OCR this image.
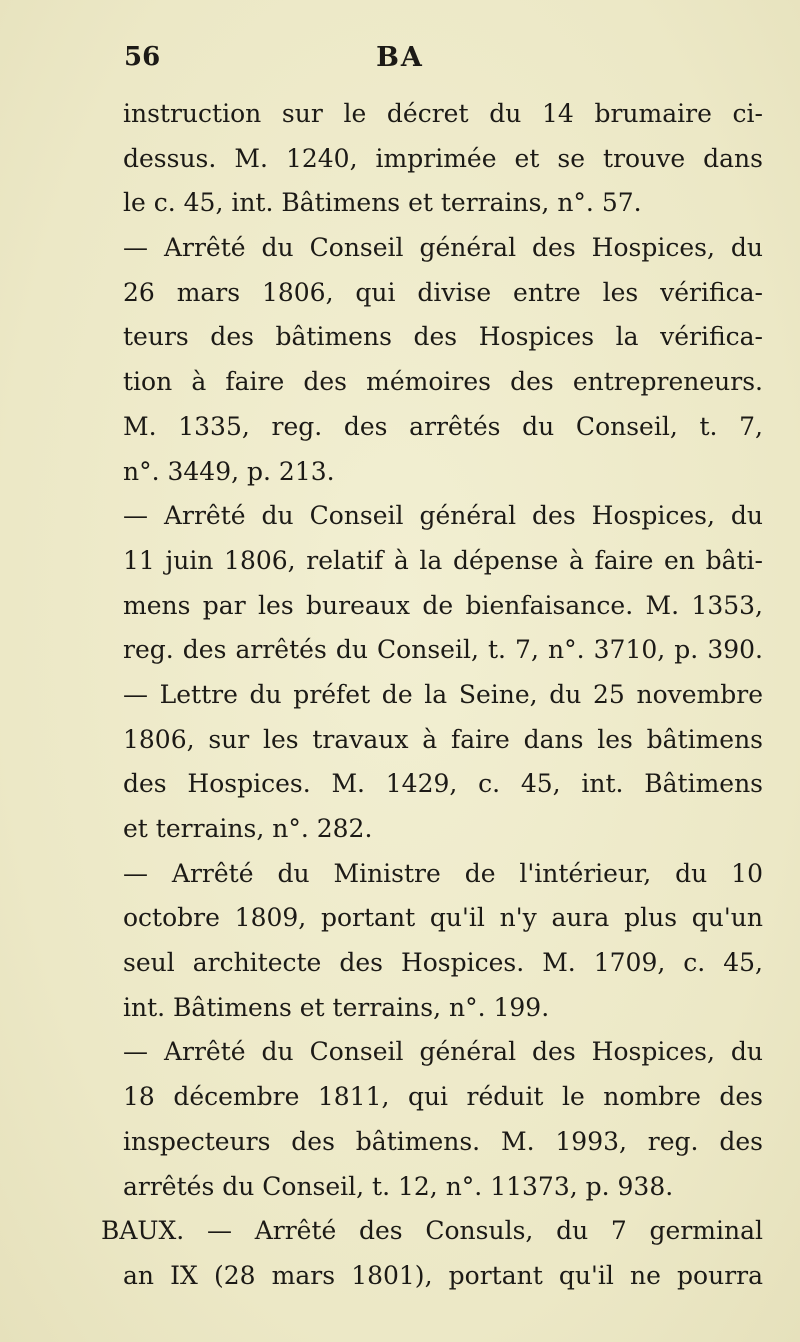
56	BA
instruction sur le décret du 14 brumaire ci-
dessus. M. 1240, imprimée et se trouve dans
le c. 45, int. Bâtimens et terrains, n°. 57.
— Arrêté du Conseil général des Hospices, du
26 mars 1806, qui divise entre les vérifica-
teurs des bâtimens des Hospices la vérifica-
tion à faire des mémoires des entrepreneurs.
M. 1335, reg. des arrêtés du Conseil, t. 7,
n°. 3449, p. 213.
— Arrêté du Conseil général des Hospices, du
11 juin 1806, relatif à la dépense à faire en bâti-
mens par les bureaux de bienfaisance. M. 1353,
reg. des arrêtés du Conseil, t. 7, n°. 3710, p. 390.
— Lettre du préfet de la Seine, du 25 novembre
1806, sur les travaux à faire dans les bâtimens
des Hospices. M. 1429, c. 45, int. Bâtimens
et terrains, n°. 282.
— Arrêté du Ministre de l'intérieur, du 10
octobre 1809, portant qu'il n'y aura plus qu'un
seul architecte des Hospices. M. 1709, c. 45,
int. Bâtimens et terrains, n°. 199.
— Arrêté du Conseil général des Hospices, du
18 décembre 1811, qui réduit le nombre des
inspecteurs des bâtimens. M. 1993, reg. des
arrêtés du Conseil, t. 12, n°. 11373, p. 938.
BAUX. — Arrêté des Consuls, du 7 germinal
an IX (28 mars 1801), portant qu'il ne pourra
